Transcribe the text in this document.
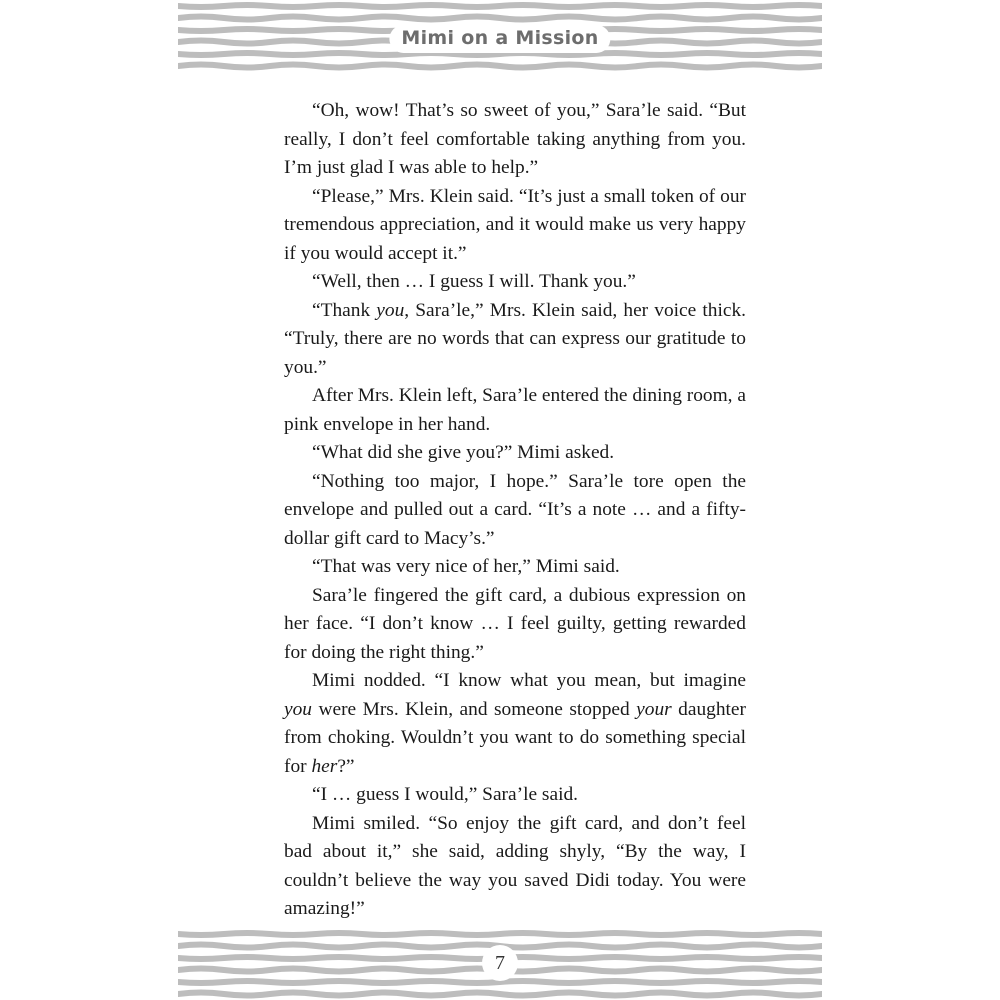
Mimi on a Mission

“Oh, wow! That’s so sweet of you,” Sara’le said. “But really, I don’t feel comfortable taking anything from you. I’m just glad I was able to help.”

“Please,” Mrs. Klein said. “It’s just a small token of our tremendous appreciation, and it would make us very happy if you would accept it.”

“Well, then … I guess I will. Thank you.”

“Thank you, Sara’le,” Mrs. Klein said, her voice thick. “Truly, there are no words that can express our gratitude to you.”

After Mrs. Klein left, Sara’le entered the dining room, a pink envelope in her hand.

“What did she give you?” Mimi asked.

“Nothing too major, I hope.” Sara’le tore open the envelope and pulled out a card. “It’s a note … and a fifty-dollar gift card to Macy’s.”

“That was very nice of her,” Mimi said.

Sara’le fingered the gift card, a dubious expression on her face. “I don’t know … I feel guilty, getting rewarded for doing the right thing.”

Mimi nodded. “I know what you mean, but imagine you were Mrs. Klein, and someone stopped your daughter from choking. Wouldn’t you want to do something special for her?”

“I … guess I would,” Sara’le said.

Mimi smiled. “So enjoy the gift card, and don’t feel bad about it,” she said, adding shyly, “By the way, I couldn’t believe the way you saved Didi today. You were amazing!”

7
